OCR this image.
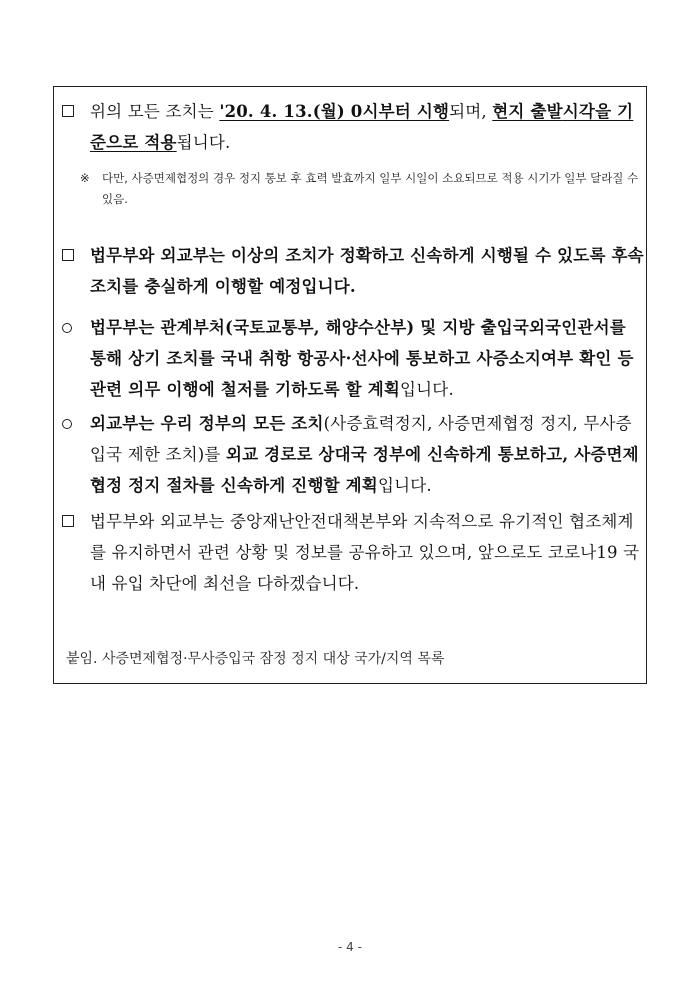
위의 모든 조치는 '20. 4. 13.(월) 0시부터 시행되며, 현지 출발시각을 기준으로 적용됩니다.
※ 다만, 사증면제협정의 경우 정지 통보 후 효력 발효까지 일부 시일이 소요되므로 적용 시기가 일부 달라질 수 있음.
법무부와 외교부는 이상의 조치가 정확하고 신속하게 시행될 수 있도록 후속 조치를 충실하게 이행할 예정입니다.
법무부는 관계부처(국토교통부, 해양수산부) 및 지방 출입국외국인관서를 통해 상기 조치를 국내 취항 항공사·선사에 통보하고 사증소지여부 확인 등 관련 의무 이행에 철저를 기하도록 할 계획입니다.
외교부는 우리 정부의 모든 조치(사증효력정지, 사증면제협정 정지, 무사증입국 제한 조치)를 외교 경로로 상대국 정부에 신속하게 통보하고, 사증면제협정 정지 절차를 신속하게 진행할 계획입니다.
법무부와 외교부는 중앙재난안전대책본부와 지속적으로 유기적인 협조체계를 유지하면서 관련 상황 및 정보를 공유하고 있으며, 앞으로도 코로나19 국내 유입 차단에 최선을 다하겠습니다.
붙임. 사증면제협정·무사증입국 잠정 정지 대상 국가/지역 목록
- 4 -
